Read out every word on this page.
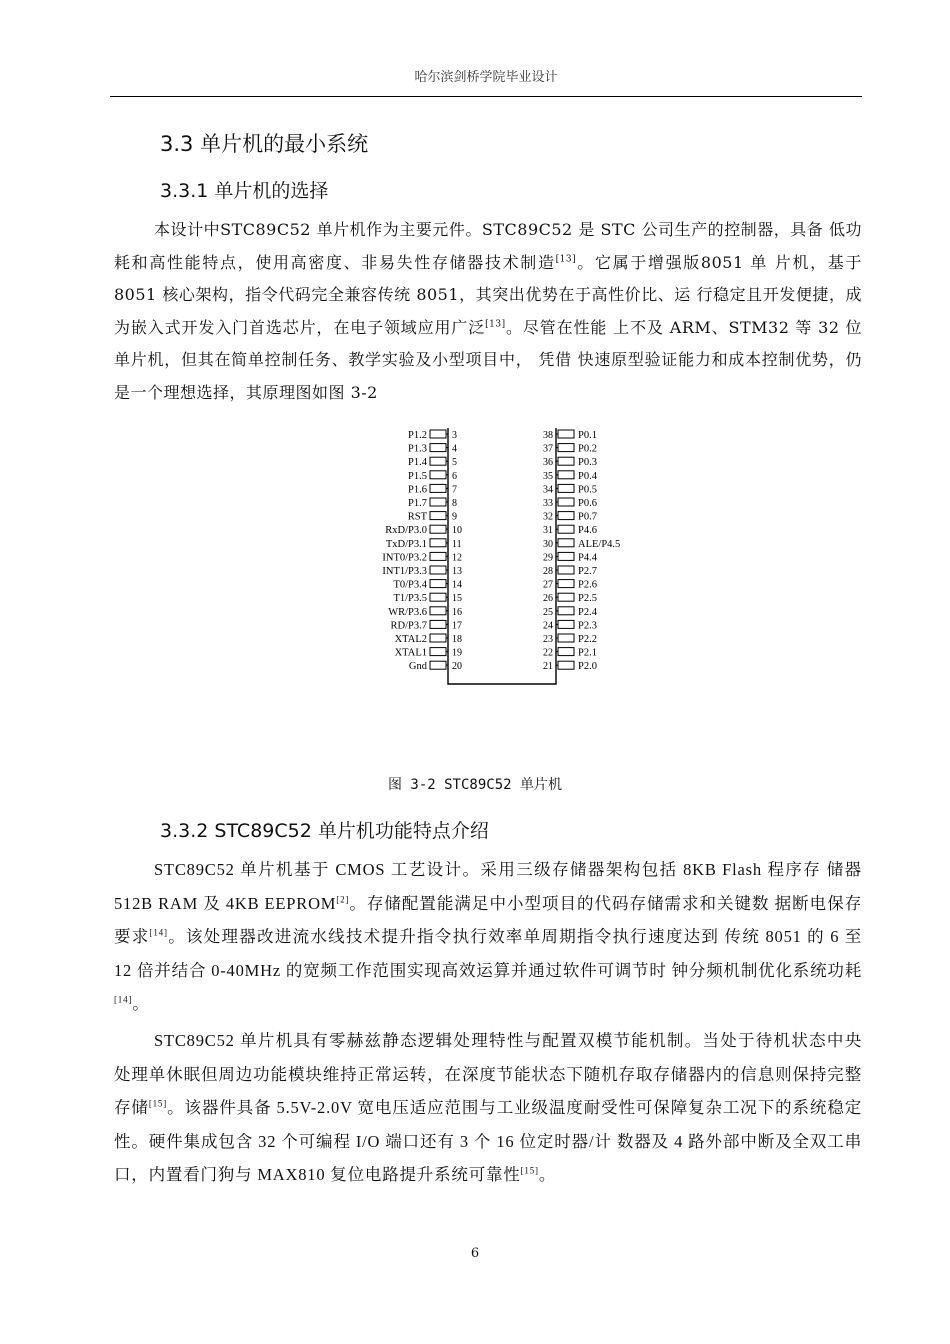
哈尔滨剑桥学院毕业设计
3.3 单片机的最小系统
3.3.1 单片机的选择
本设计中STC89C52 单片机作为主要元件。STC89C52 是 STC 公司生产的控制器，具备 低功耗和高性能特点，使用高密度、非易失性存储器技术制造[13]。它属于增强版8051 单 片机，基于 8051 核心架构，指令代码完全兼容传统 8051，其突出优势在于高性价比、运 行稳定且开发便捷，成为嵌入式开发入门首选芯片，在电子领域应用广泛[13]。尽管在性能 上不及 ARM、STM32 等 32 位单片机，但其在简单控制任务、教学实验及小型项目中， 凭借 快速原型验证能力和成本控制优势，仍是一个理想选择，其原理图如图 3-2
3
P1.2
4
P1.3
5
P1.4
6
P1.5
7
P1.6
8
P1.7
9
RST
10
RxD/P3.0
11
TxD/P3.1
12
INT0/P3.2
13
INT1/P3.3
14
T0/P3.4
15
T1/P3.5
16
WR/P3.6
17
RD/P3.7
18
XTAL2
19
XTAL1
20
Gnd
38 P0.1
37 P0.2
36 P0.3
35 P0.4
34 P0.5
33 P0.6
32 P0.7
31 P4.6
30 ALE/P4.5
29 P4.4
28 P2.7
27 P2.6
26 P2.5
25 P2.4
24 P2.3
23 P2.2
22 P2.1
21 P2.0
图 3-2 STC89C52 单片机
3.3.2 STC89C52 单片机功能特点介绍
STC89C52 单片机基于 CMOS 工艺设计。采用三级存储器架构包括 8KB Flash 程序存 储器 512B RAM 及 4KB EEPROM[2]。存储配置能满足中小型项目的代码存储需求和关键数 据断电保存要求[14]。该处理器改进流水线技术提升指令执行效率单周期指令执行速度达到 传统 8051 的 6 至 12 倍并结合 0-40MHz 的宽频工作范围实现高效运算并通过软件可调节时 钟分频机制优化系统功耗[14]。
STC89C52 单片机具有零赫兹静态逻辑处理特性与配置双模节能机制。当处于待机状态中央处理单休眠但周边功能模块维持正常运转，在深度节能状态下随机存取存储器内的信息则保持完整存储[15]。该器件具备 5.5V-2.0V 宽电压适应范围与工业级温度耐受性可保障复杂工况下的系统稳定性。硬件集成包含 32 个可编程 I/O 端口还有 3 个 16 位定时器/计 数器及 4 路外部中断及全双工串口，内置看门狗与 MAX810 复位电路提升系统可靠性[15]。
6
